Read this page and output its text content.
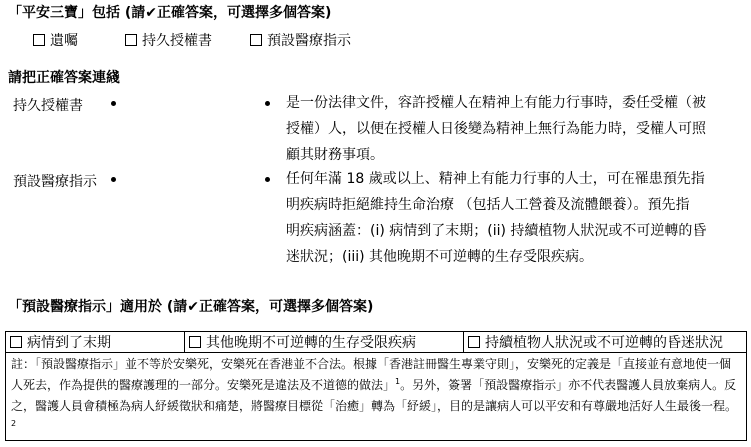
「平安三寶」包括 (請✔正確答案，可選擇多個答案)
遺囑	持久授權書	預設醫療指示
請把正確答案連綫
持久授權書	是一份法律文件，容許授權人在精神上有能力行事時，委任受權（被
授權）人，以便在授權人日後變為精神上無行為能力時，受權人可照
顧其財務事項。
預設醫療指示	任何年滿 18 歲或以上、精神上有能力行事的人士，可在罹患預先指
明疾病時拒絕維持生命治療 （包括人工營養及流體餵養）。預先指
明疾病涵蓋：(i) 病情到了末期；(ii) 持續植物人狀況或不可逆轉的昏
迷狀況；(iii) 其他晚期不可逆轉的生存受限疾病。
「預設醫療指示」適用於 (請✔正確答案，可選擇多個答案)
病情到了末期	其他晚期不可逆轉的生存受限疾病	持續植物人狀況或不可逆轉的昏迷狀況
註：「預設醫療指示」並不等於安樂死，安樂死在香港並不合法。根據「香港註冊醫生專業守則」，安樂死的定義是「直接並有意地使一個人死去，作為提供的醫療護理的一部分。安樂死是違法及不道德的做法」$^1$。另外，簽署「預設醫療指示」亦不代表醫護人員放棄病人。反之，醫護人員會積極為病人紓緩徵狀和痛楚，將醫療目標從「治癒」轉為「紓緩」，目的是讓病人可以平安和有尊嚴地活好人生最後一程。$^2$
